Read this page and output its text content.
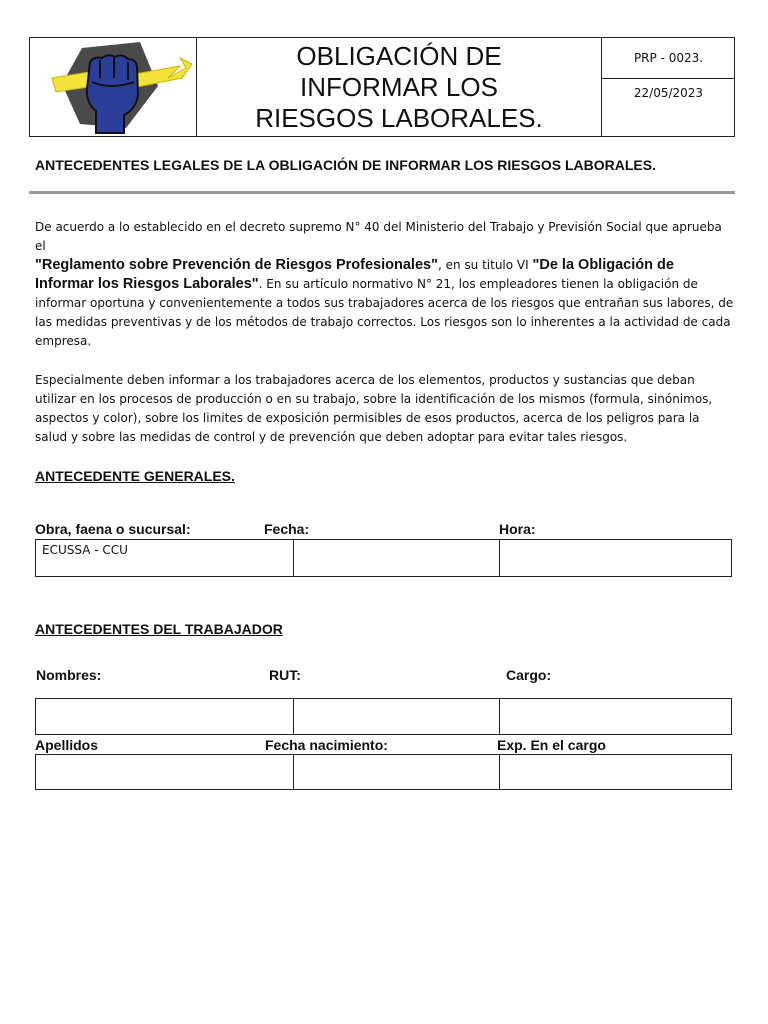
OBLIGACIÓN DE
INFORMAR LOS
RIESGOS LABORALES.
PRP - 0023.
22/05/2023
ANTECEDENTES LEGALES DE LA OBLIGACIÓN DE INFORMAR LOS RIESGOS LABORALES.
De acuerdo a lo establecido en el decreto supremo N° 40 del Ministerio del Trabajo y Previsión Social que aprueba el
"Reglamento sobre Prevención de Riesgos Profesionales", en su titulo VI "De la Obligación de Informar los Riesgos Laborales". En su artículo normativo N° 21, los empleadores tienen la obligación de informar oportuna y convenientemente a todos sus trabajadores acerca de los riesgos que entrañan sus labores, de las medidas preventivas y de los métodos de trabajo correctos. Los riesgos son lo inherentes a la actividad de cada empresa.
Especialmente deben informar a los trabajadores acerca de los elementos, productos y sustancias que deban utilizar en los procesos de producción o en su trabajo, sobre la identificación de los mismos (formula, sinónimos, aspectos y color), sobre los limites de exposición permisibles de esos productos, acerca de los peligros para la salud y sobre las medidas de control y de prevención que deben adoptar para evitar tales riesgos.
ANTECEDENTE GENERALES.
Obra, faena o sucursal:	Fecha:	Hora:
ECUSSA - CCU
ANTECEDENTES DEL TRABAJADOR
Nombres:	RUT:	Cargo:
Apellidos	Fecha nacimiento:	Exp. En el cargo
